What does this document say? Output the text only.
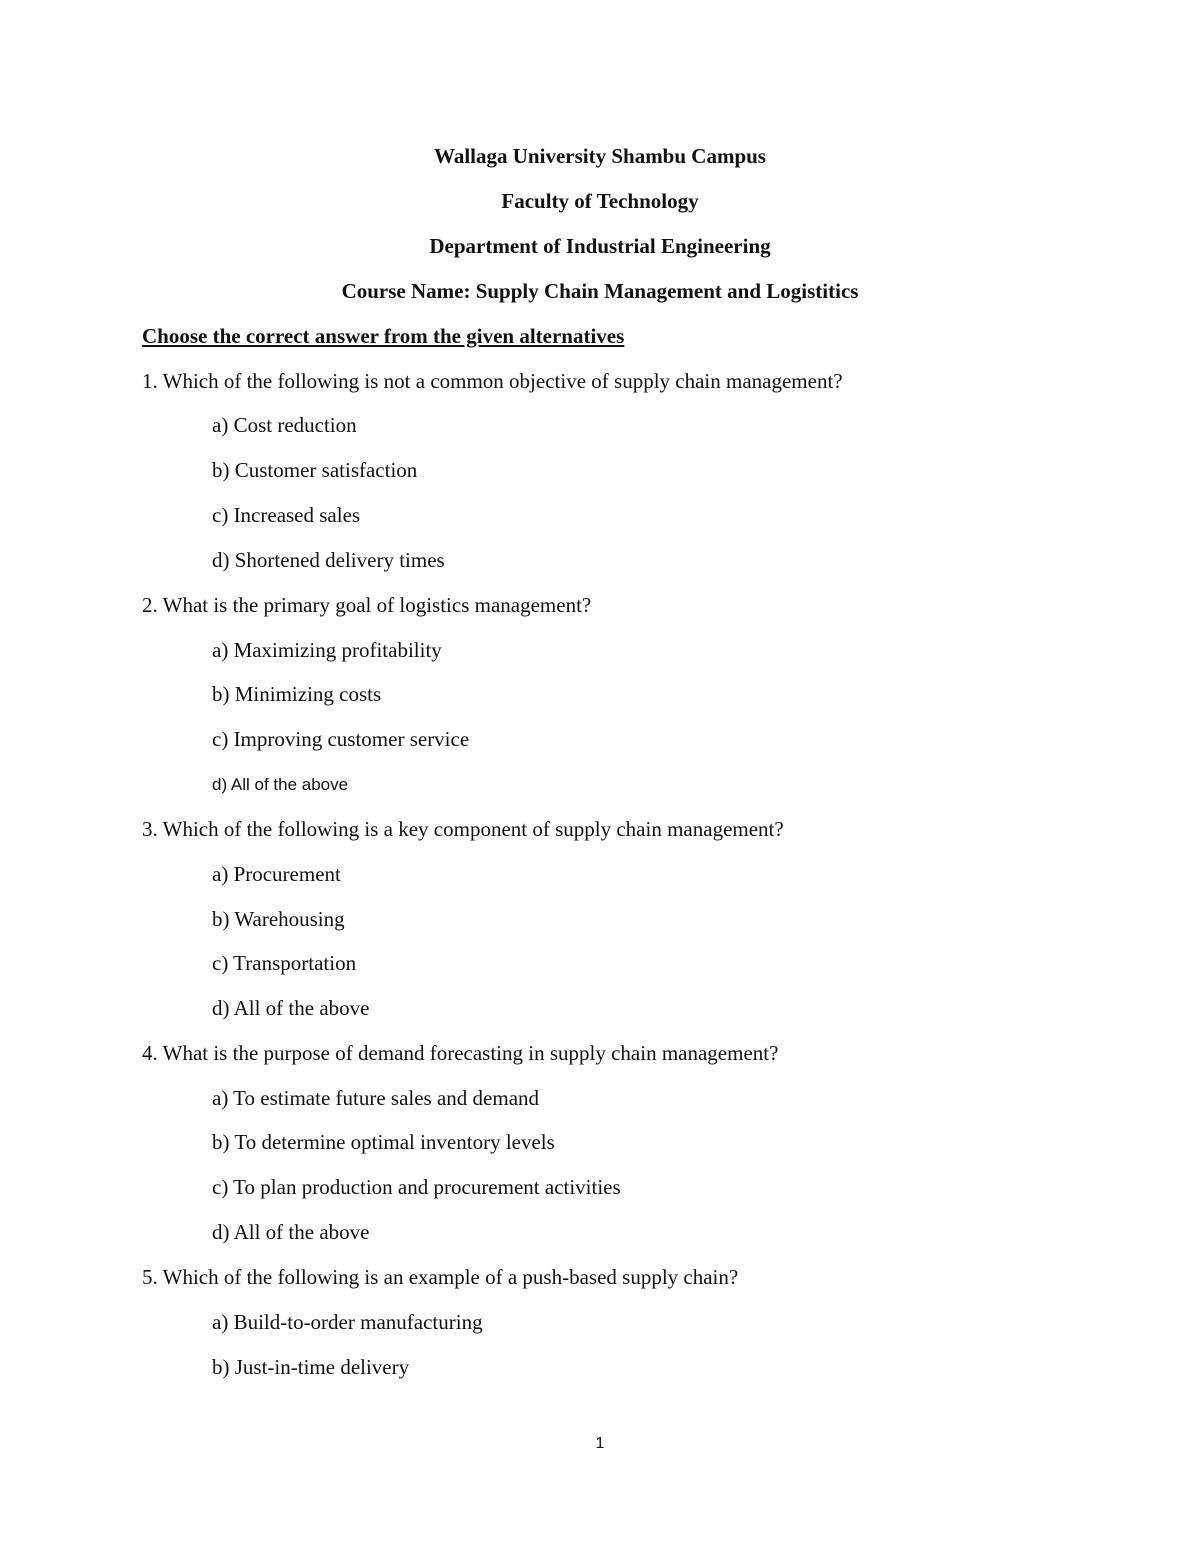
Wallaga University Shambu Campus
Faculty of Technology
Department of Industrial Engineering
Course Name: Supply Chain Management and Logistitics
Choose the correct answer from the given alternatives
1. Which of the following is not a common objective of supply chain management?
a) Cost reduction
b) Customer satisfaction
c) Increased sales
d) Shortened delivery times
2. What is the primary goal of logistics management?
a) Maximizing profitability
b) Minimizing costs
c) Improving customer service
d) All of the above
3. Which of the following is a key component of supply chain management?
a) Procurement
b) Warehousing
c) Transportation
d) All of the above
4. What is the purpose of demand forecasting in supply chain management?
a) To estimate future sales and demand
b) To determine optimal inventory levels
c) To plan production and procurement activities
d) All of the above
5. Which of the following is an example of a push-based supply chain?
a) Build-to-order manufacturing
b) Just-in-time delivery
1
